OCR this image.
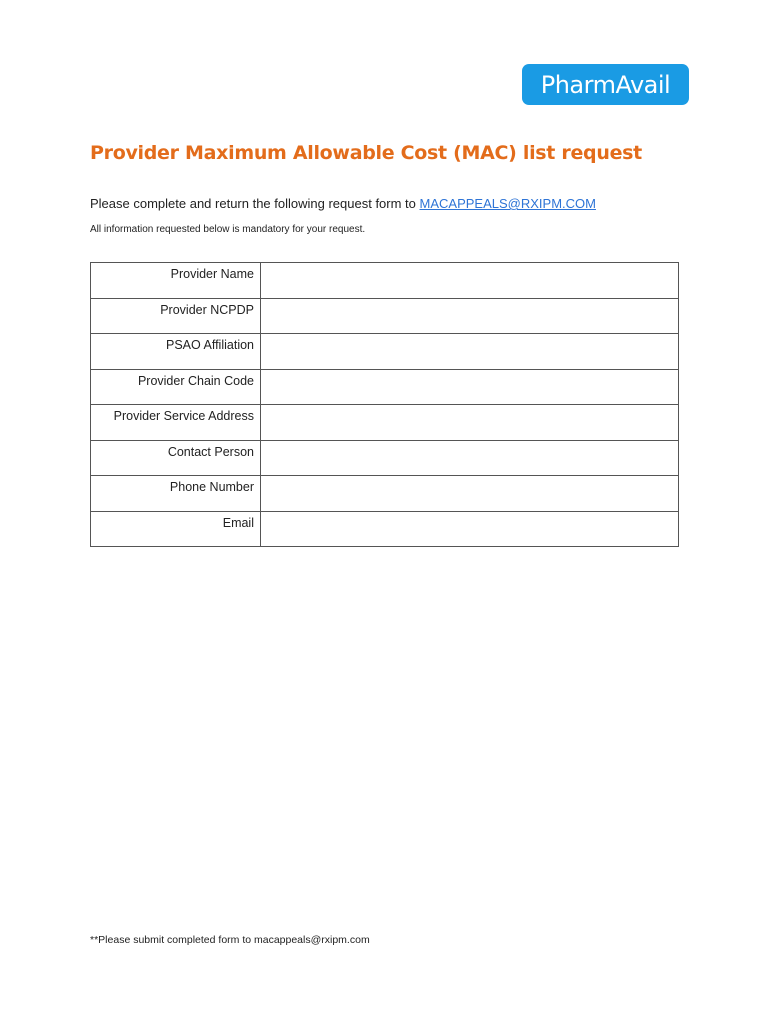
PharmAvail
Provider Maximum Allowable Cost (MAC) list request

Please complete and return the following request form to MACAPPEALS@RXIPM.COM

All information requested below is mandatory for your request.

Provider Name	
Provider NCPDP	
PSAO Affiliation	
Provider Chain Code	
Provider Service Address	
Contact Person	
Phone Number	
Email	

**Please submit completed form to macappeals@rxipm.com
